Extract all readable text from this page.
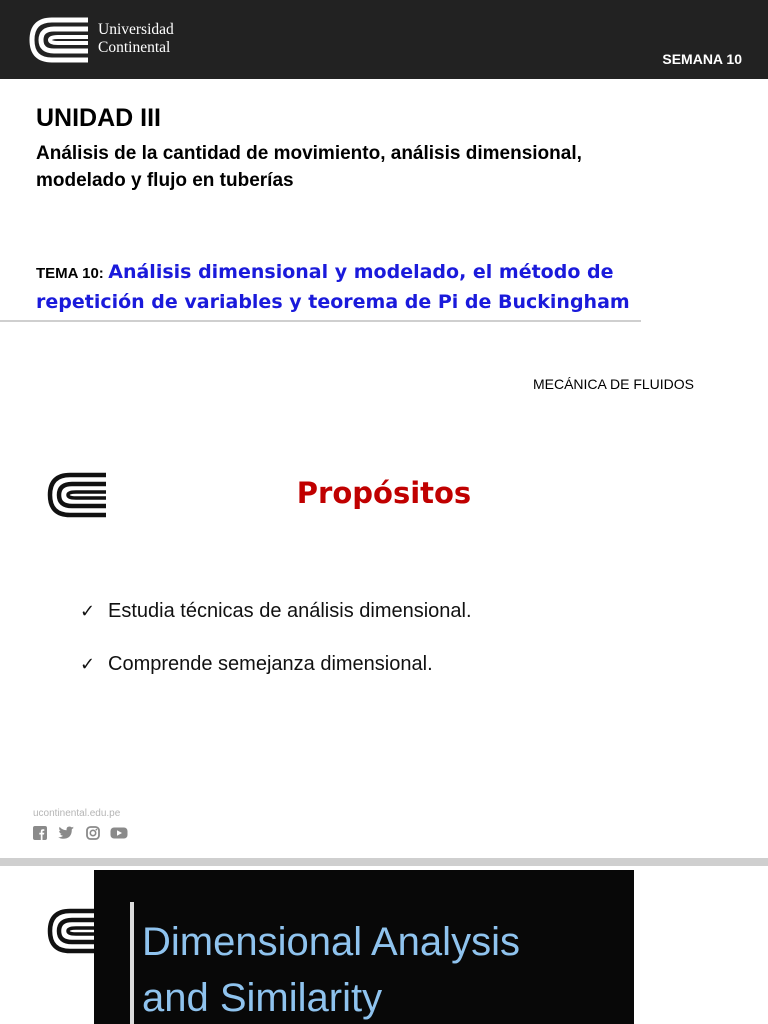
Universidad
Continental
SEMANA 10
UNIDAD III
Análisis de la cantidad de movimiento, análisis dimensional, modelado y flujo en tuberías

TEMA 10: Análisis dimensional y modelado, el método de repetición de variables y teorema de Pi de Buckingham

MECÁNICA DE FLUIDOS
Propósitos
✓ Estudia técnicas de análisis dimensional.
✓ Comprende semejanza dimensional.
ucontinental.edu.pe

Dimensional Analysis
and Similarity
